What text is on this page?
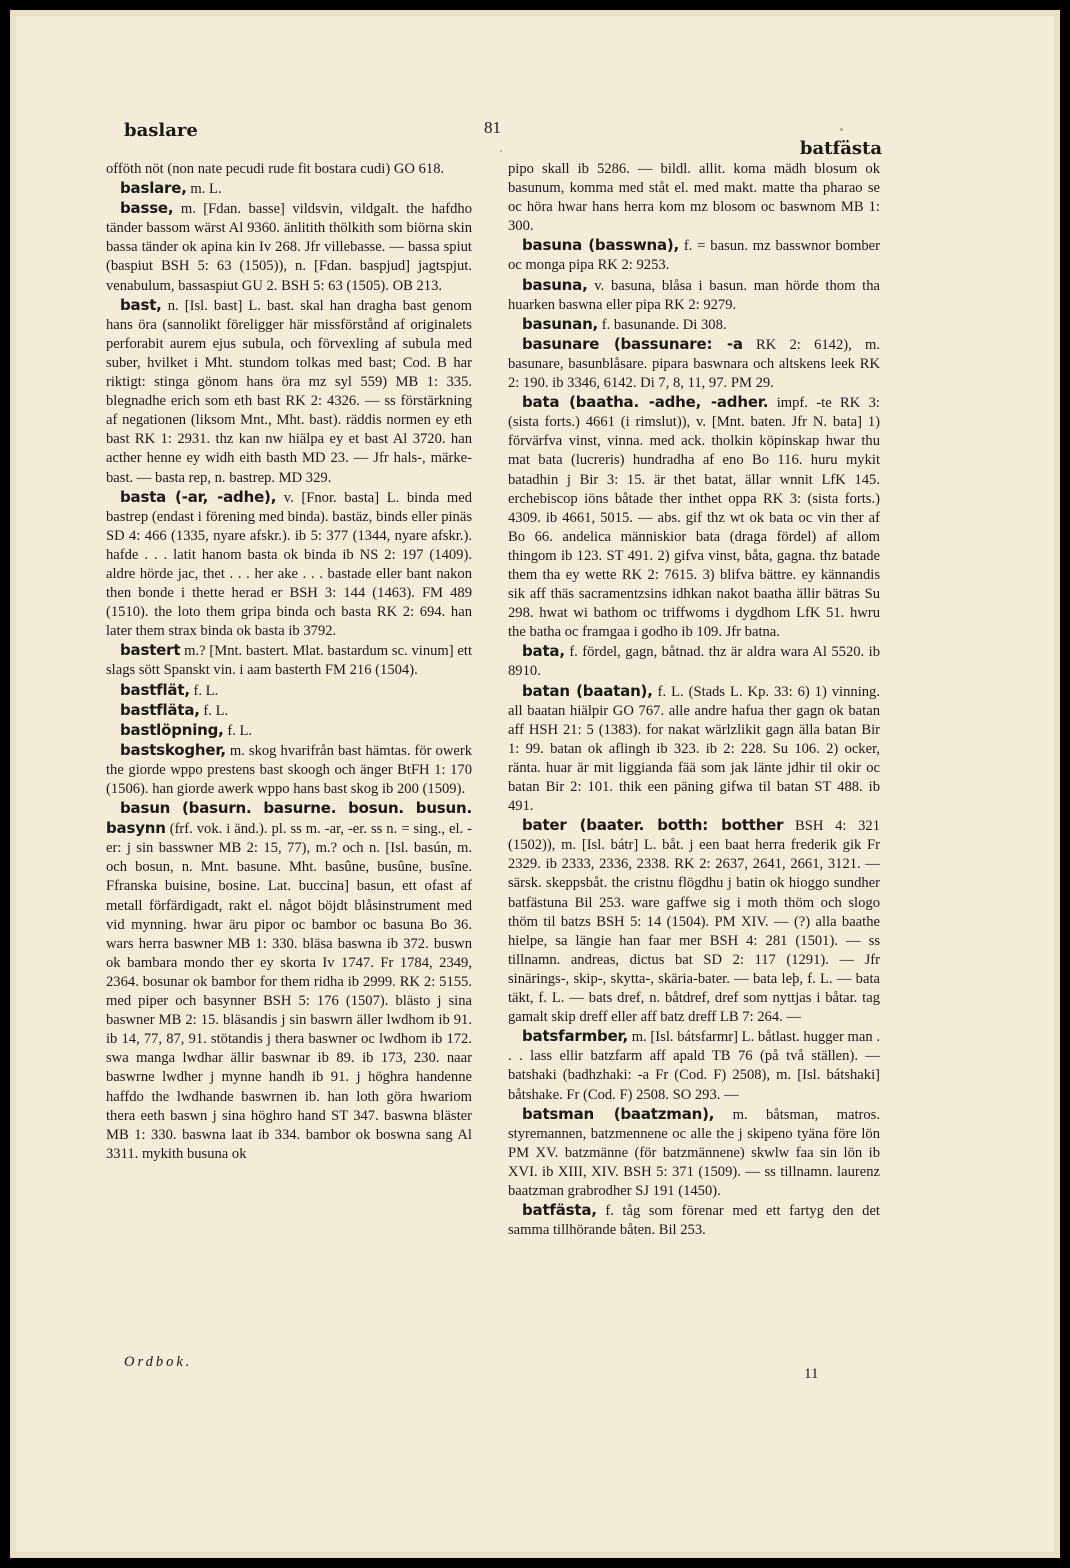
baslare	81
batfästa

offöth nöt (non nate pecudi rude fit bostara cudi) GO 618.

baslare, m. L.

basse, m. [Fdan. basse] vildsvin, vildgalt. the hafdho tänder bassom wärst Al 9360. änlitith thölkith som biörna skin bassa tänder ok apina kin Iv 268. Jfr villebasse. — bassa spiut (baspiut BSH 5: 63 (1505)), n. [Fdan. baspjud] jagtspjut. venabulum, bassaspiut GU 2. BSH 5: 63 (1505). OB 213.

bast, n. [Isl. bast] L. bast. skal han dragha bast genom hans öra (sannolikt föreligger här missförstånd af originalets perforabit aurem ejus subula, och förvexling af subula med suber, hvilket i Mht. stundom tolkas med bast; Cod. B har riktigt: stinga gönom hans öra mz syl 559) MB 1: 335. blegnadhe erich som eth bast RK 2: 4326. — ss förstärkning af negationen (liksom Mnt., Mht. bast). räddis normen ey eth bast RK 1: 2931. thz kan nw hiälpa ey et bast Al 3720. han acther henne ey widh eith basth MD 23. — Jfr hals-, märke-bast. — basta rep, n. bastrep. MD 329.

basta (-ar, -adhe), v. [Fnor. basta] L. binda med bastrep (endast i förening med binda). bastäz, binds eller pinäs SD 4: 466 (1335, nyare afskr.). ib 5: 377 (1344, nyare afskr.). hafde . . . latit hanom basta ok binda ib NS 2: 197 (1409). aldre hörde jac, thet . . . her ake . . . bastade eller bant nakon then bonde i thette herad er BSH 3: 144 (1463). FM 489 (1510). the loto them gripa binda och basta RK 2: 694. han later them strax binda ok basta ib 3792.

bastert m.? [Mnt. bastert. Mlat. bastardum sc. vinum] ett slags sött Spanskt vin. i aam basterth FM 216 (1504).

bastflät, f. L.

bastfläta, f. L.

bastlöpning, f. L.

bastskogher, m. skog hvarifrån bast hämtas. för owerk the giorde wppo prestens bast skoogh och änger BtFH 1: 170 (1506). han giorde awerk wppo hans bast skog ib 200 (1509).

basun (basurn. basurne. bosun. busun. basynn (frf. vok. i änd.). pl. ss m. -ar, -er. ss n. = sing., el. -er: j sin basswner MB 2: 15, 77), m.? och n. [Isl. basún, m. och bosun, n. Mnt. basune. Mht. basûne, busûne, busîne. Ffranska buisine, bosine. Lat. buccina] basun, ett ofast af metall förfärdigadt, rakt el. något böjdt blåsinstrument med vid mynning. hwar äru pipor oc bambor oc basuna Bo 36. wars herra baswner MB 1: 330. bläsa baswna ib 372. buswn ok bambara mondo ther ey skorta Iv 1747. Fr 1784, 2349, 2364. bosunar ok bambor for them ridha ib 2999. RK 2: 5155. med piper och basynner BSH 5: 176 (1507). blästo j sina baswner MB 2: 15. bläsandis j sin baswrn äller lwdhom ib 91. ib 14, 77, 87, 91. stötandis j thera baswner oc lwdhom ib 172. swa manga lwdhar ällir baswnar ib 89. ib 173, 230. naar baswrne lwdher j mynne handh ib 91. j höghra handenne haffdo the lwdhande baswrnen ib. han loth göra hwariom thera eeth baswn j sina höghro hand ST 347. baswna bläster MB 1: 330. baswna laat ib 334. bambor ok boswna sang Al 3311. mykith busuna ok

pipo skall ib 5286. — bildl. allit. koma mädh blosum ok basunum, komma med ståt el. med makt. matte tha pharao se oc höra hwar hans herra kom mz blosom oc baswnom MB 1: 300.

basuna (basswna), f. = basun. mz basswnor bomber oc monga pipa RK 2: 9253.

basuna, v. basuna, blåsa i basun. man hörde thom tha huarken baswna eller pipa RK 2: 9279.

basunan, f. basunande. Di 308.

basunare (bassunare: -a RK 2: 6142), m. basunare, basunblåsare. pipara baswnara och altskens leek RK 2: 190. ib 3346, 6142. Di 7, 8, 11, 97. PM 29.

bata (baatha. -adhe, -adher. impf. -te RK 3: (sista forts.) 4661 (i rimslut)), v. [Mnt. baten. Jfr N. bata] 1) förvärfva vinst, vinna. med ack. tholkin köpinskap hwar thu mat bata (lucreris) hundradha af eno Bo 116. huru mykit batadhin j Bir 3: 15. är thet batat, ällar wnnit LfK 145. erchebiscop iöns båtade ther inthet oppa RK 3: (sista forts.) 4309. ib 4661, 5015. — abs. gif thz wt ok bata oc vin ther af Bo 66. andelica människior bata (draga fördel) af allom thingom ib 123. ST 491. 2) gifva vinst, båta, gagna. thz batade them tha ey wette RK 2: 7615. 3) blifva bättre. ey kännandis sik aff thäs sacramentzsins idhkan nakot baatha ällir bätras Su 298. hwat wi bathom oc triffwoms i dygdhom LfK 51. hwru the batha oc framgaa i godho ib 109. Jfr batna.

bata, f. fördel, gagn, båtnad. thz är aldra wara Al 5520. ib 8910.

batan (baatan), f. L. (Stads L. Kp. 33: 6) 1) vinning. all baatan hiälpir GO 767. alle andre hafua ther gagn ok batan aff HSH 21: 5 (1383). for nakat wärlzlikit gagn älla batan Bir 1: 99. batan ok aflingh ib 323. ib 2: 228. Su 106. 2) ocker, ränta. huar är mit liggianda fää som jak länte jdhir til okir oc batan Bir 2: 101. thik een päning gifwa til batan ST 488. ib 491.

bater (baater. botth: botther BSH 4: 321 (1502)), m. [Isl. bátr] L. båt. j een baat herra frederik gik Fr 2329. ib 2333, 2336, 2338. RK 2: 2637, 2641, 2661, 3121. — särsk. skeppsbåt. the cristnu flögdhu j batin ok hioggo sundher batfästuna Bil 253. ware gaffwe sig i moth thöm och slogo thöm til batzs BSH 5: 14 (1504). PM XIV. — (?) alla baathe hielpe, sa längie han faar mer BSH 4: 281 (1501). — ss tillnamn. andreas, dictus bat SD 2: 117 (1291). — Jfr sinärings-, skip-, skytta-, skäria-bater. — bata leþ, f. L. — bata täkt, f. L. — bats dref, n. båtdref, dref som nyttjas i båtar. tag gamalt skip dreff eller aff batz dreff LB 7: 264. —

batsfarmber, m. [Isl. bátsfarmr] L. båtlast. hugger man . . . lass ellir batzfarm aff apald TB 76 (på två ställen). — batshaki (badhzhaki: -a Fr (Cod. F) 2508), m. [Isl. bátshaki] båtshake. Fr (Cod. F) 2508. SO 293. —

batsman (baatzman), m. båtsman, matros. styremannen, batzmennene oc alle the j skipeno tyäna före lön PM XV. batzmänne (för batzmännene) skwlw faa sin lön ib XVI. ib XIII, XIV. BSH 5: 371 (1509). — ss tillnamn. laurenz baatzman grabrodher SJ 191 (1450).

batfästa, f. tåg som förenar med ett fartyg den det samma tillhörande båten. Bil 253.

Ordbok.
11
